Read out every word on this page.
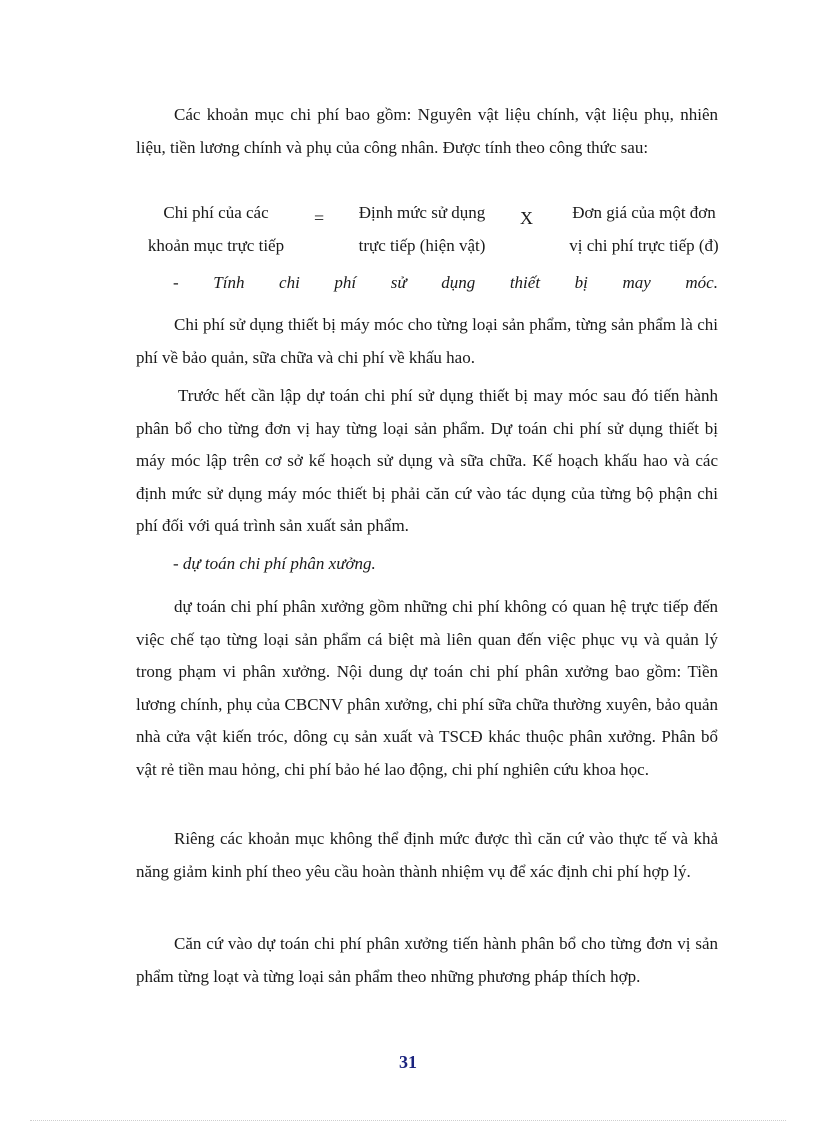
Các khoản mục chi phí bao gồm: Nguyên vật liệu chính, vật liệu phụ, nhiên liệu, tiền lương chính và phụ của công nhân. Được tính theo công thức sau:

Chi phí của các
khoản mục trực tiếp
=	Định mức sử dụng
trực tiếp (hiện vật)
X	Đơn giá của một đơn
vị chi phí trực tiếp (đ)
- Tính chi phí sử dụng thiết bị may móc.

Chi phí sử dụng thiết bị máy móc cho từng loại sản phẩm, từng sản phẩm là chi phí về bảo quản, sữa chữa và chi phí về khấu hao.

Trước hết cần lập dự toán chi phí sử dụng thiết bị may móc sau đó tiến hành phân bổ cho từng đơn vị hay từng loại sản phẩm. Dự toán chi phí sử dụng thiết bị máy móc lập trên cơ sở kế hoạch sử dụng và sữa chữa. Kế hoạch khấu hao và các định mức sử dụng máy móc thiết bị phải căn cứ vào tác dụng của từng bộ phận chi phí đối với quá trình sản xuất sản phẩm.

- dự toán chi phí phân xưởng.

dự toán chi phí phân xưởng gồm những chi phí không có quan hệ trực tiếp đến việc chế tạo từng loại sản phẩm cá biệt mà liên quan đến việc phục vụ và quản lý trong phạm vi phân xưởng. Nội dung dự toán chi phí phân xưởng bao gồm: Tiền lương chính, phụ của CBCNV phân xưởng, chi phí sữa chữa thường xuyên, bảo quản nhà cửa vật kiến tróc, dông cụ sản xuất và TSCĐ khác thuộc phân xưởng. Phân bổ vật rẻ tiền mau hỏng, chi phí bảo hé lao động, chi phí nghiên cứu khoa học.

Riêng các khoản mục không thể định mức được thì căn cứ vào thực tế và khả năng giảm kinh phí theo yêu cầu hoàn thành nhiệm vụ để xác định chi phí hợp lý.

Căn cứ vào dự toán chi phí phân xưởng tiến hành phân bổ cho từng đơn vị sản phẩm từng loạt và từng loại sản phẩm theo những phương pháp thích hợp.

31
